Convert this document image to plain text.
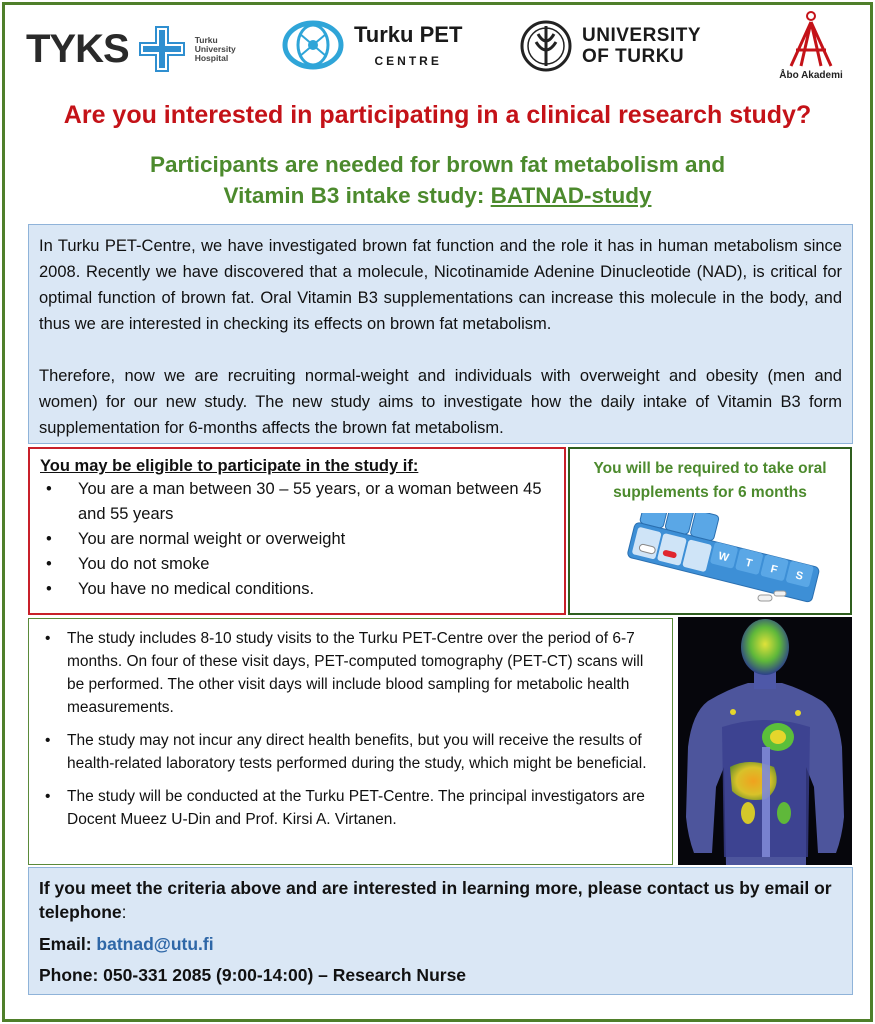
TYKS	Turku
University
Hospital
Turku PET
CENTRE
UNIVERSITY
OF TURKU
Åbo Akademi
Are you interested in participating in a clinical research study?
Participants are needed for brown fat metabolism and
Vitamin B3 intake study: BATNAD-study

In Turku PET-Centre, we have investigated brown fat function and the role it has in human metabolism since 2008. Recently we have discovered that a molecule, Nicotinamide Adenine Dinucleotide (NAD), is critical for optimal function of brown fat. Oral Vitamin B3 supplementations can increase this molecule in the body, and thus we are interested in checking its effects on brown fat metabolism.

Therefore, now we are recruiting normal-weight and individuals with overweight and obesity (men and women) for our new study. The new study aims to investigate how the daily intake of Vitamin B3 form supplementation for 6-months affects the brown fat metabolism.

You may be eligible to participate in the study if:
• You are a man between 30 – 55 years, or a woman between 45 and 55 years
• You are normal weight or overweight
• You do not smoke
• You have no medical conditions.
You will be required to take oral
supplements for 6 months
W T F S
• The study includes 8-10 study visits to the Turku PET-Centre over the period of 6-7 months. On four of these visit days, PET-computed tomography (PET-CT) scans will be performed. The other visit days will include blood sampling for metabolic health measurements.
• The study may not incur any direct health benefits, but you will receive the results of health-related laboratory tests performed during the study, which might be beneficial.
• The study will be conducted at the Turku PET-Centre. The principal investigators are Docent Mueez U-Din and Prof. Kirsi A. Virtanen.
If you meet the criteria above and are interested in learning more, please contact us by email or telephone:
Email: batnad@utu.fi
Phone: 050-331 2085 (9:00-14:00) – Research Nurse
